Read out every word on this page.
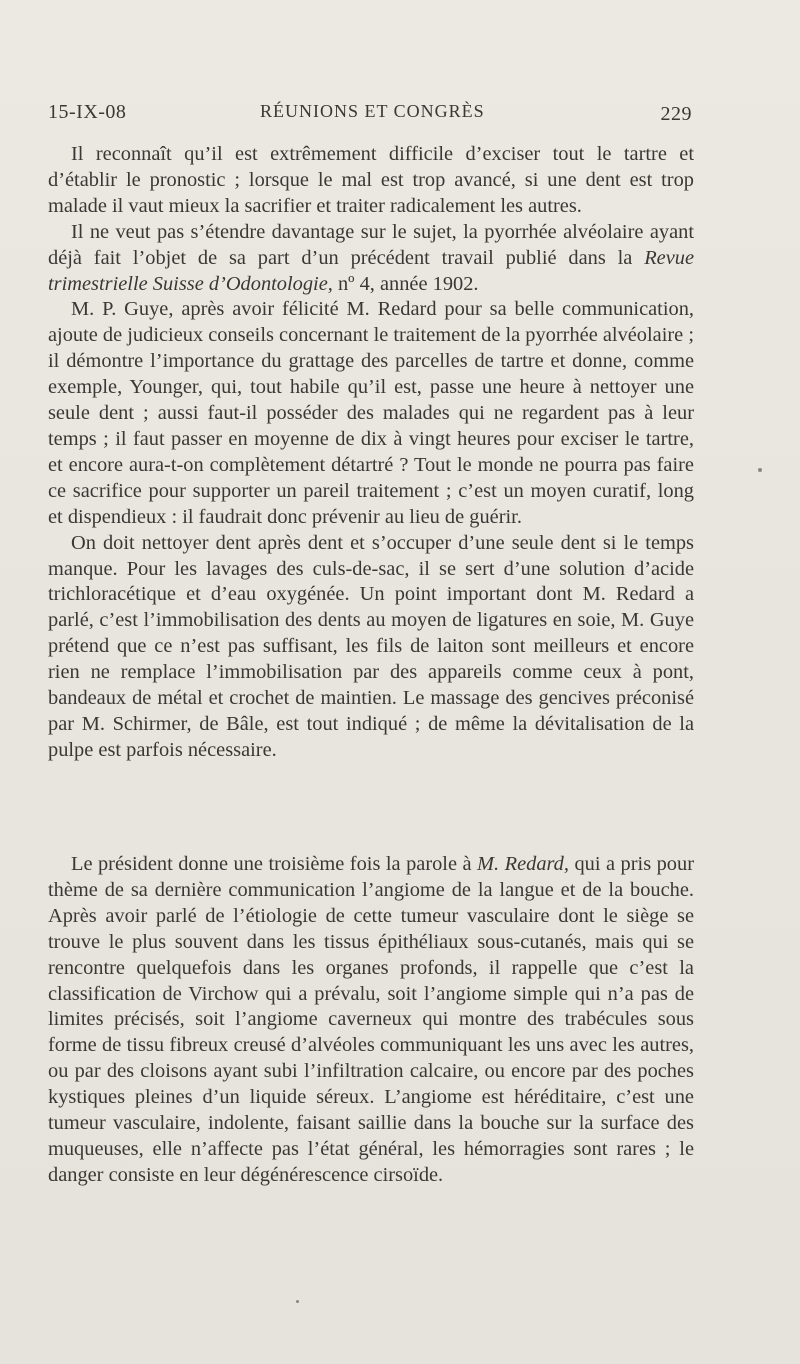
15-IX-08	RÉUNIONS ET CONGRÈS	229

Il reconnaît qu’il est extrêmement difficile d’exciser tout le tartre et d’établir le pronostic ; lorsque le mal est trop avancé, si une dent est trop malade il vaut mieux la sacrifier et traiter radicalement les autres.

Il ne veut pas s’étendre davantage sur le sujet, la pyorrhée alvéolaire ayant déjà fait l’objet de sa part d’un précédent travail publié dans la Revue trimestrielle Suisse d’Odontologie, nº 4, année 1902.

M. P. Guye, après avoir félicité M. Redard pour sa belle communication, ajoute de judicieux conseils concernant le traitement de la pyorrhée alvéolaire ; il démontre l’importance du grattage des parcelles de tartre et donne, comme exemple, Younger, qui, tout habile qu’il est, passe une heure à nettoyer une seule dent ; aussi faut-il posséder des malades qui ne regardent pas à leur temps ; il faut passer en moyenne de dix à vingt heures pour exciser le tartre, et encore aura-t-on complètement détartré ? Tout le monde ne pourra pas faire ce sacrifice pour supporter un pareil traitement ; c’est un moyen curatif, long et dispendieux : il faudrait donc prévenir au lieu de guérir.

On doit nettoyer dent après dent et s’occuper d’une seule dent si le temps manque. Pour les lavages des culs-de-sac, il se sert d’une solution d’acide trichloracétique et d’eau oxygénée. Un point important dont M. Redard a parlé, c’est l’immobilisation des dents au moyen de ligatures en soie, M. Guye prétend que ce n’est pas suffisant, les fils de laiton sont meilleurs et encore rien ne remplace l’immobilisation par des appareils comme ceux à pont, bandeaux de métal et crochet de maintien. Le massage des gencives préconisé par M. Schirmer, de Bâle, est tout indiqué ; de même la dévitalisation de la pulpe est parfois nécessaire.

Le président donne une troisième fois la parole à M. Redard, qui a pris pour thème de sa dernière communication l’angiome de la langue et de la bouche. Après avoir parlé de l’étiologie de cette tumeur vasculaire dont le siège se trouve le plus souvent dans les tissus épithéliaux sous-cutanés, mais qui se rencontre quelquefois dans les organes profonds, il rappelle que c’est la classification de Virchow qui a prévalu, soit l’angiome simple qui n’a pas de limites précisés, soit l’angiome caverneux qui montre des trabécules sous forme de tissu fibreux creusé d’alvéoles communiquant les uns avec les autres, ou par des cloisons ayant subi l’infiltration calcaire, ou encore par des poches kystiques pleines d’un liquide séreux. L’angiome est héréditaire, c’est une tumeur vasculaire, indolente, faisant saillie dans la bouche sur la surface des muqueuses, elle n’affecte pas l’état général, les hémorragies sont rares ; le danger consiste en leur dégénérescence cirsoïde.
